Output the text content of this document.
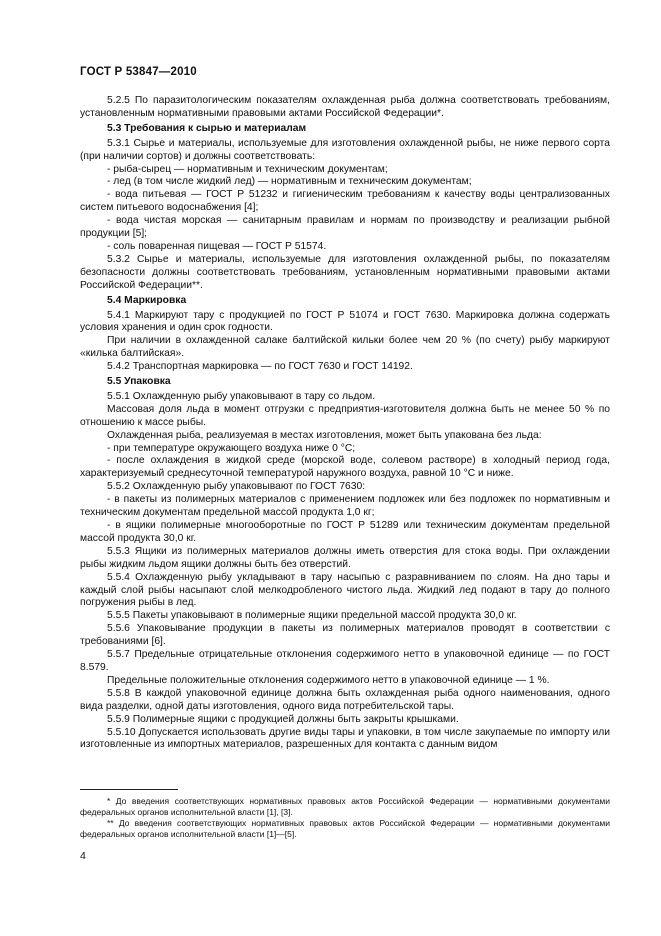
ГОСТ Р 53847—2010

5.2.5 По паразитологическим показателям охлажденная рыба должна соответствовать требованиям, установленным нормативными правовыми актами Российской Федерации*.

5.3 Требования к сырью и материалам

5.3.1 Сырье и материалы, используемые для изготовления охлажденной рыбы, не ниже первого сорта (при наличии сортов) и должны соответствовать:

- рыба-сырец — нормативным и техническим документам;

- лед (в том числе жидкий лед) — нормативным и техническим документам;

- вода питьевая — ГОСТ Р 51232 и гигиеническим требованиям к качеству воды централизованных систем питьевого водоснабжения [4];

- вода чистая морская — санитарным правилам и нормам по производству и реализации рыбной продукции [5];

- соль поваренная пищевая — ГОСТ Р 51574.

5.3.2 Сырье и материалы, используемые для изготовления охлажденной рыбы, по показателям безопасности должны соответствовать требованиям, установленным нормативными правовыми актами Российской Федерации**.

5.4 Маркировка

5.4.1 Маркируют тару с продукцией по ГОСТ Р 51074 и ГОСТ 7630. Маркировка должна содержать условия хранения и один срок годности.

При наличии в охлажденной салаке балтийской кильки более чем 20 % (по счету) рыбу маркируют «килька балтийская».

5.4.2 Транспортная маркировка — по ГОСТ 7630 и ГОСТ 14192.

5.5 Упаковка

5.5.1 Охлажденную рыбу упаковывают в тару со льдом.

Массовая доля льда в момент отгрузки с предприятия-изготовителя должна быть не менее 50 % по отношению к массе рыбы.

Охлажденная рыба, реализуемая в местах изготовления, может быть упакована без льда:

- при температуре окружающего воздуха ниже 0 °С;

- после охлаждения в жидкой среде (морской воде, солевом растворе) в холодный период года, характеризуемый среднесуточной температурой наружного воздуха, равной 10 °С и ниже.

5.5.2 Охлажденную рыбу упаковывают по ГОСТ 7630:

- в пакеты из полимерных материалов с применением подложек или без подложек по нормативным и техническим документам предельной массой продукта 1,0 кг;

- в ящики полимерные многооборотные по ГОСТ Р 51289 или техническим документам предельной массой продукта 30,0 кг.

5.5.3 Ящики из полимерных материалов должны иметь отверстия для стока воды. При охлаждении рыбы жидким льдом ящики должны быть без отверстий.

5.5.4 Охлажденную рыбу укладывают в тару насыпью с разравниванием по слоям. На дно тары и каждый слой рыбы насыпают слой мелкодробленого чистого льда. Жидкий лед подают в тару до полного погружения рыбы в лед.

5.5.5 Пакеты упаковывают в полимерные ящики предельной массой продукта 30,0 кг.

5.5.6 Упаковывание продукции в пакеты из полимерных материалов проводят в соответствии с требованиями [6].

5.5.7 Предельные отрицательные отклонения содержимого нетто в упаковочной единице — по ГОСТ 8.579.

Предельные положительные отклонения содержимого нетто в упаковочной единице — 1 %.

5.5.8 В каждой упаковочной единице должна быть охлажденная рыба одного наименования, одного вида разделки, одной даты изготовления, одного вида потребительской тары.

5.5.9 Полимерные ящики с продукцией должны быть закрыты крышками.

5.5.10 Допускается использовать другие виды тары и упаковки, в том числе закупаемые по импорту или изготовленные из импортных материалов, разрешенных для контакта с данным видом

* До введения соответствующих нормативных правовых актов Российской Федерации — нормативными документами федеральных органов исполнительной власти [1], [3].

** До введения соответствующих нормативных правовых актов Российской Федерации — нормативными документами федеральных органов исполнительной власти [1]—[5].

4
